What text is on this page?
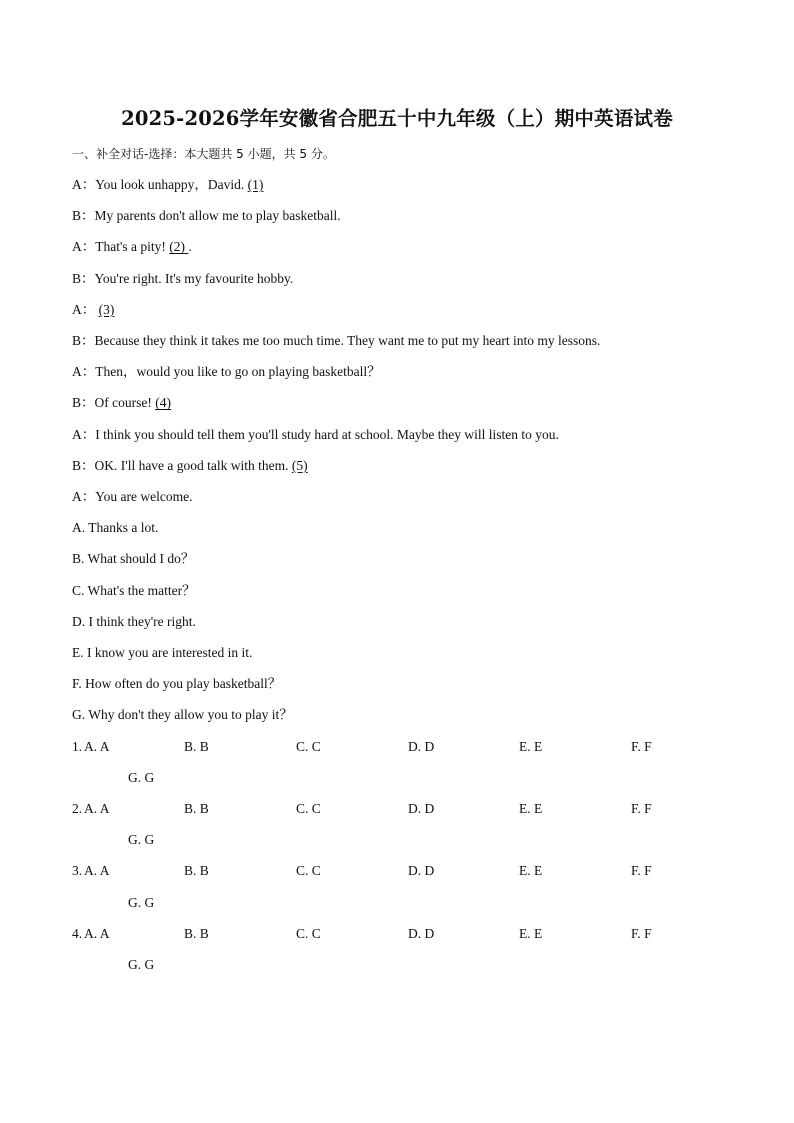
2025-2026学年安徽省合肥五十中九年级（上）期中英语试卷
一、补全对话-选择：本大题共 5 小题，共 5 分。
A：You look unhappy，David. (1)
B：My parents don't allow me to play basketball.
A：That's a pity! (2) .
B：You're right. It's my favourite hobby.
A： (3)
B：Because they think it takes me too much time. They want me to put my heart into my lessons.
A：Then，would you like to go on playing basketball？
B：Of course! (4)
A：I think you should tell them you'll study hard at school. Maybe they will listen to you.
B：OK. I'll have a good talk with them. (5)
A：You are welcome.
A. Thanks a lot.
B. What should I do？
C. What's the matter？
D. I think they're right.
E. I know you are interested in it.
F. How often do you play basketball？
G. Why don't they allow you to play it？
1. A. A	B. B	C. C	D. D	E. E	F. F
G. G
2. A. A	B. B	C. C	D. D	E. E	F. F
G. G
3. A. A	B. B	C. C	D. D	E. E	F. F
G. G
4. A. A	B. B	C. C	D. D	E. E	F. F
G. G
